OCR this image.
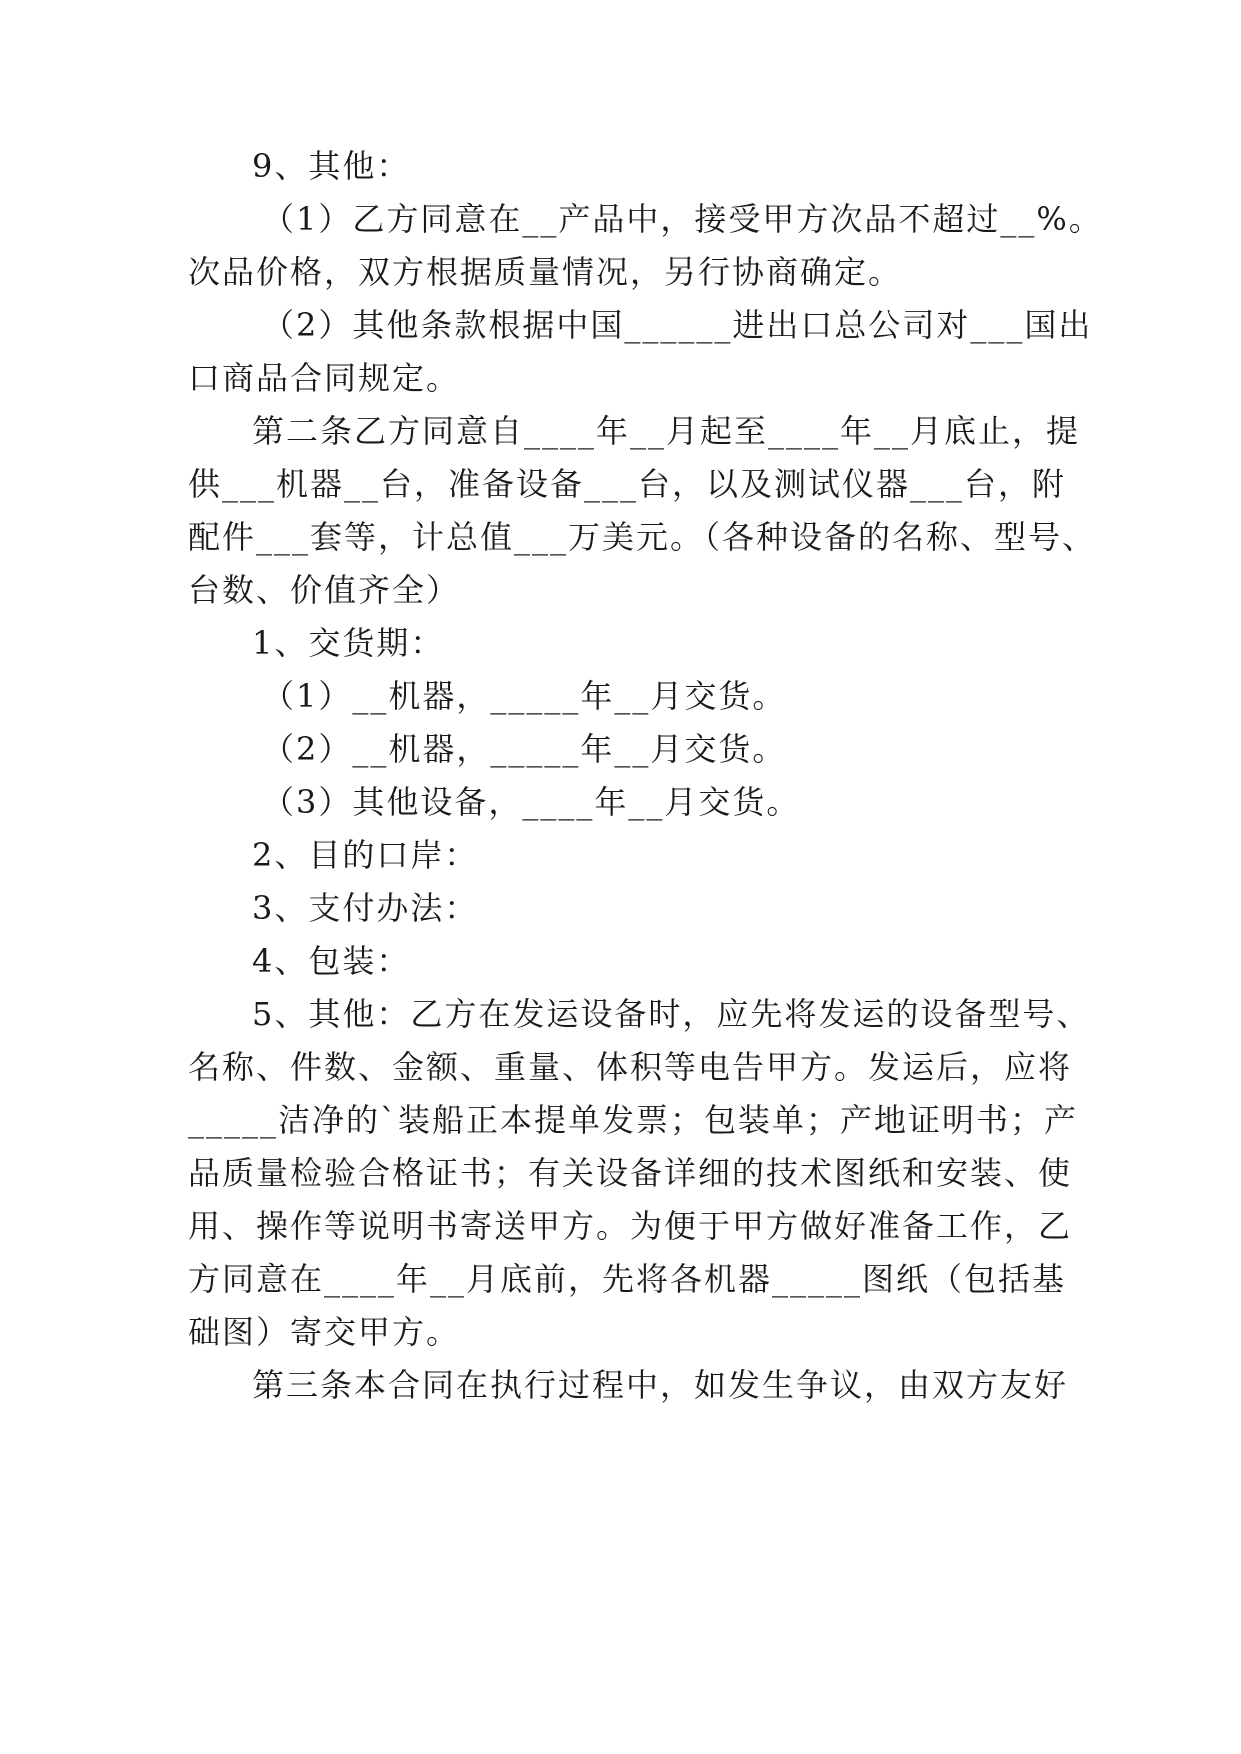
9、其他：
（1）乙方同意在__产品中，接受甲方次品不超过__%。
次品价格，双方根据质量情况，另行协商确定。
（2）其他条款根据中国______进出口总公司对___国出
口商品合同规定。
第二条乙方同意自____年__月起至____年__月底止，提
供___机器__台，准备设备___台，以及测试仪器___台，附
配件___套等，计总值___万美元。（各种设备的名称、型号、
台数、价值齐全）
1、交货期：
（1）__机器，_____年__月交货。
（2）__机器，_____年__月交货。
（3）其他设备，____年__月交货。
2、目的口岸：
3、支付办法：
4、包装：
5、其他：乙方在发运设备时，应先将发运的设备型号、
名称、件数、金额、重量、体积等电告甲方。发运后，应将
_____洁净的`装船正本提单发票；包装单；产地证明书；产
品质量检验合格证书；有关设备详细的技术图纸和安装、使
用、操作等说明书寄送甲方。为便于甲方做好准备工作，乙
方同意在____年__月底前，先将各机器_____图纸（包括基
础图）寄交甲方。
第三条本合同在执行过程中，如发生争议，由双方友好
